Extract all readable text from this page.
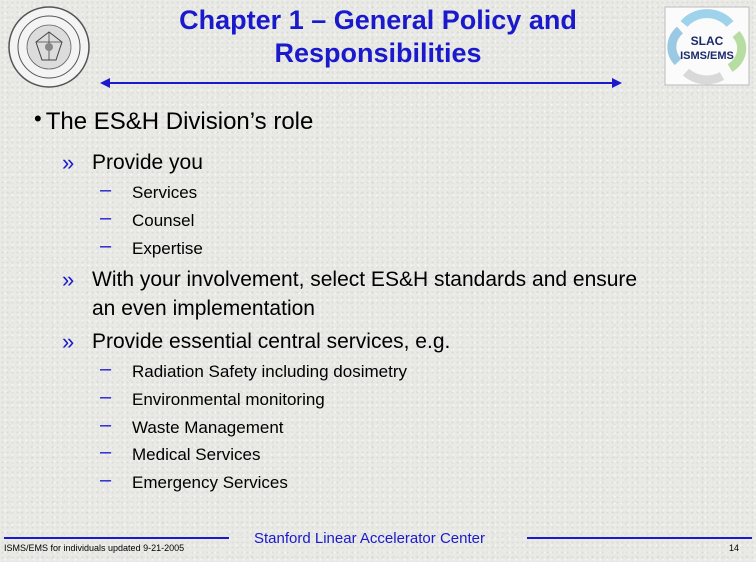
SLAC
ISMS/EMS
Chapter 1 – General Policy and
Responsibilities
• The ES&H Division’s role
» Provide you
– Services
– Counsel
– Expertise
» With your involvement, select ES&H standards and ensure
an even implementation
» Provide essential central services, e.g.
– Radiation Safety including dosimetry
– Environmental monitoring
– Waste Management
– Medical Services
– Emergency Services
ISMS/EMS for individuals updated 9-21-2005
Stanford Linear Accelerator Center
14
